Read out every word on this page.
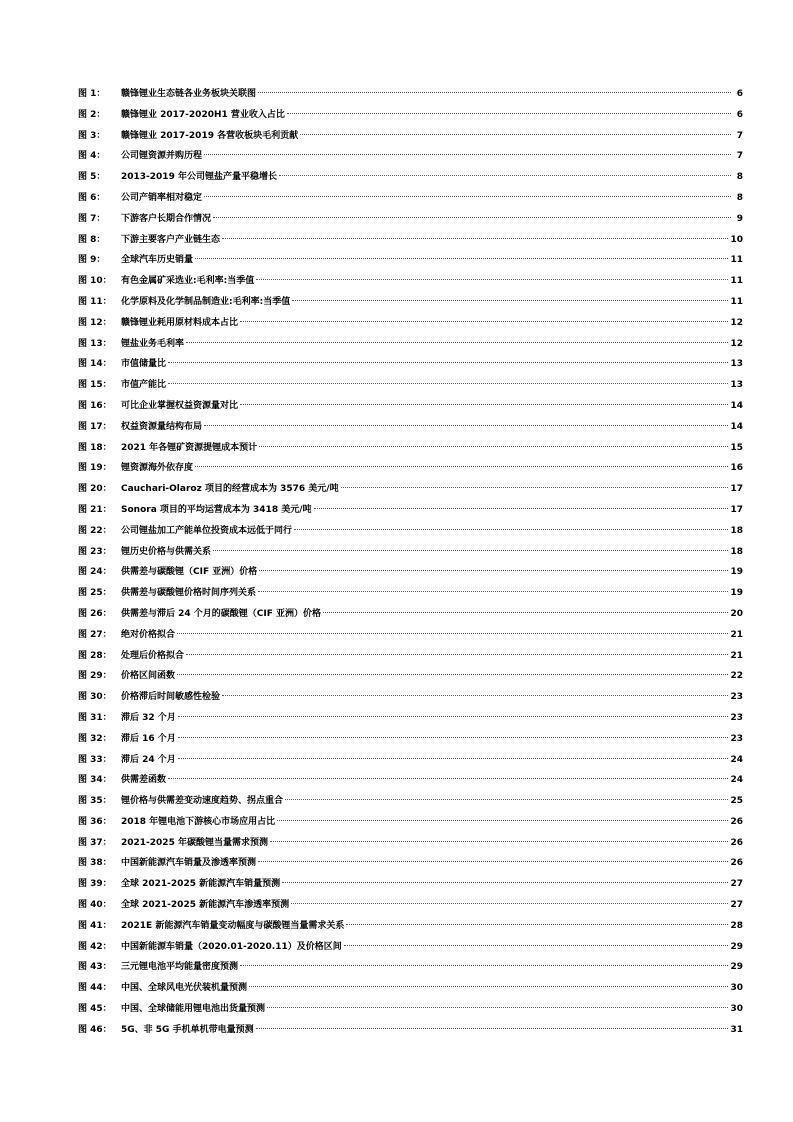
图 1：	赣锋锂业生态链各业务板块关联图	6
图 2：	赣锋锂业 2017-2020H1 营业收入占比	6
图 3：	赣锋锂业 2017-2019 各营收板块毛利贡献	7
图 4：	公司锂资源并购历程	7
图 5：	2013-2019 年公司锂盐产量平稳增长	8
图 6：	公司产销率相对稳定	8
图 7：	下游客户长期合作情况	9
图 8：	下游主要客户产业链生态	10
图 9：	全球汽车历史销量	11
图 10：	有色金属矿采选业:毛利率:当季值	11
图 11：	化学原料及化学制品制造业:毛利率:当季值	11
图 12：	赣锋锂业耗用原材料成本占比	12
图 13：	锂盐业务毛利率	12
图 14：	市值储量比	13
图 15：	市值产能比	13
图 16：	可比企业掌握权益资源量对比	14
图 17：	权益资源量结构布局	14
图 18：	2021 年各锂矿资源提锂成本预计	15
图 19：	锂资源海外依存度	16
图 20：	Cauchari-Olaroz 项目的经营成本为 3576 美元/吨	17
图 21：	Sonora 项目的平均运营成本为 3418 美元/吨	17
图 22：	公司锂盐加工产能单位投资成本远低于同行	18
图 23：	锂历史价格与供需关系	18
图 24：	供需差与碳酸锂（CIF 亚洲）价格	19
图 25：	供需差与碳酸锂价格时间序列关系	19
图 26：	供需差与滞后 24 个月的碳酸锂（CIF 亚洲）价格	20
图 27：	绝对价格拟合	21
图 28：	处理后价格拟合	21
图 29：	价格区间函数	22
图 30：	价格滞后时间敏感性检验	23
图 31：	滞后 32 个月	23
图 32：	滞后 16 个月	23
图 33：	滞后 24 个月	24
图 34：	供需差函数	24
图 35：	锂价格与供需差变动速度趋势、拐点重合	25
图 36：	2018 年锂电池下游核心市场应用占比	26
图 37：	2021-2025 年碳酸锂当量需求预测	26
图 38：	中国新能源汽车销量及渗透率预测	26
图 39：	全球 2021-2025 新能源汽车销量预测	27
图 40：	全球 2021-2025 新能源汽车渗透率预测	27
图 41：	2021E 新能源汽车销量变动幅度与碳酸锂当量需求关系	28
图 42：	中国新能源车销量（2020.01-2020.11）及价格区间	29
图 43：	三元锂电池平均能量密度预测	29
图 44：	中国、全球风电光伏装机量预测	30
图 45：	中国、全球储能用锂电池出货量预测	30
图 46：	5G、非 5G 手机单机带电量预测	31
